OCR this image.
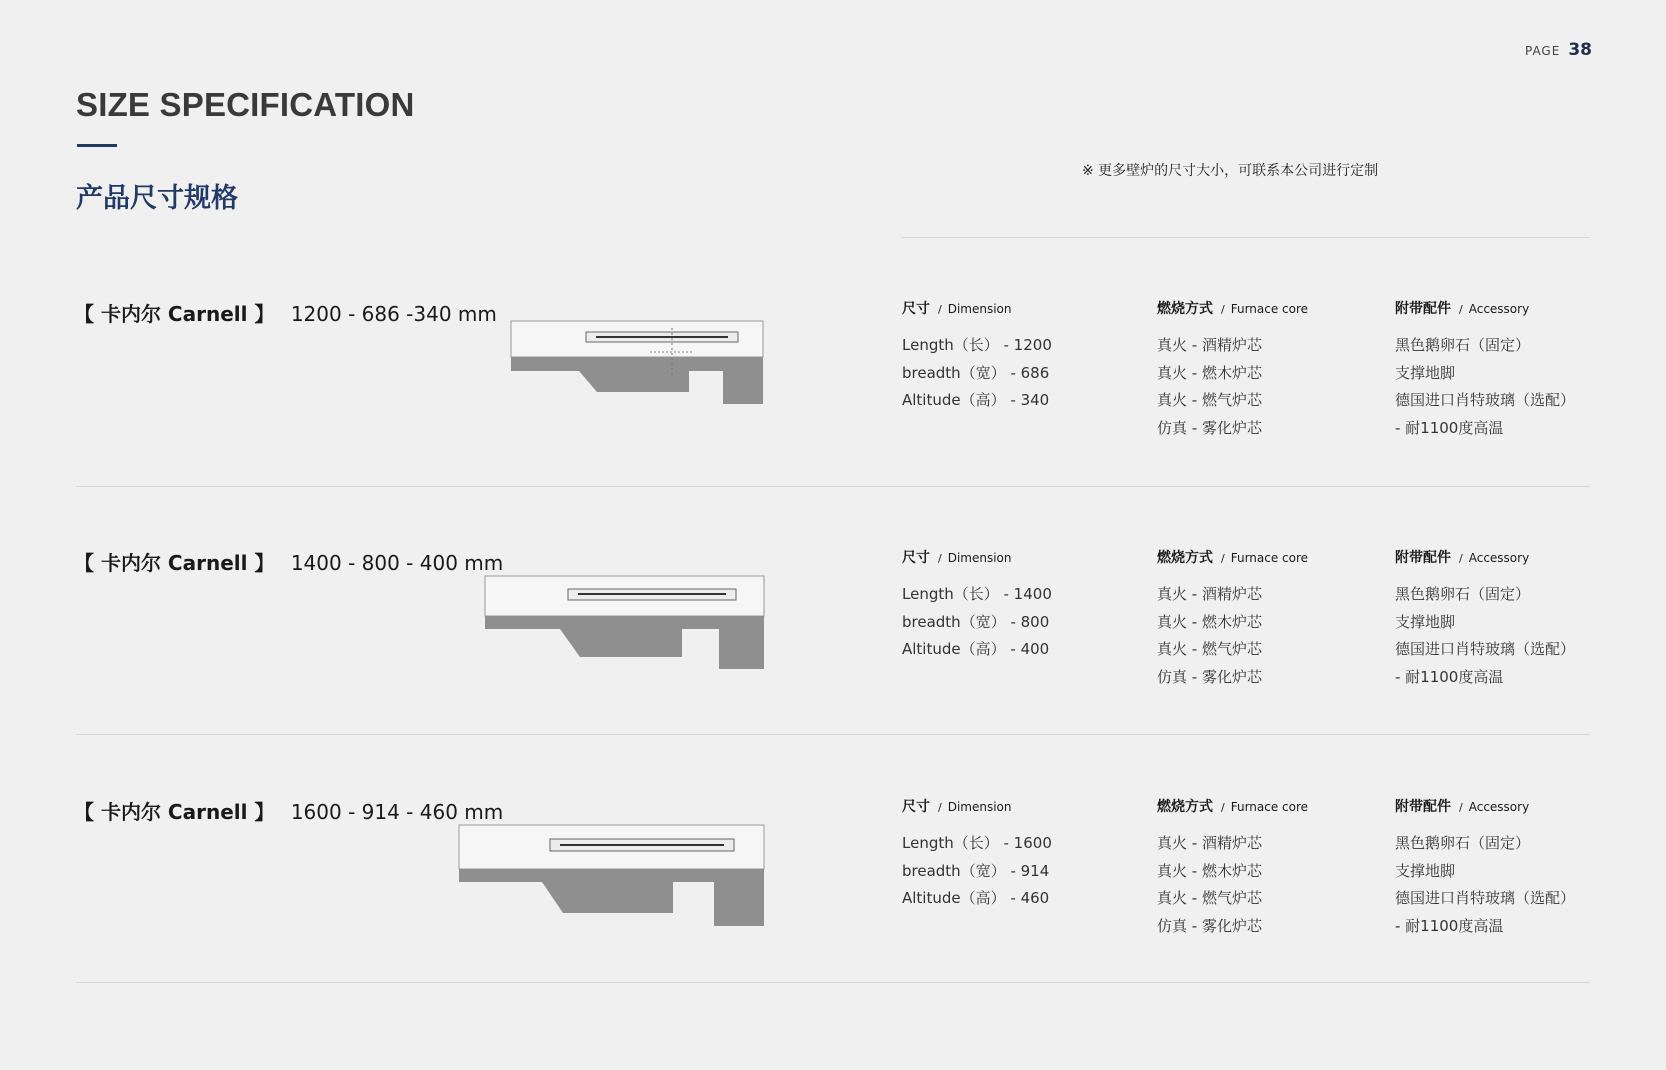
PAGE 38
SIZE SPECIFICATION
产品尺寸规格
※ 更多壁炉的尺寸大小，可联系本公司进行定制
【 卡内尔 Carnell 】 1200 - 686 -340 mm	尺寸 / Dimension
Length（长） - 1200
breadth（宽） - 686
Altitude（高） - 340
燃烧方式 / Furnace core
真火 - 酒精炉芯
真火 - 燃木炉芯
真火 - 燃气炉芯
仿真 - 雾化炉芯
附带配件 / Accessory
黑色鹅卵石（固定）
支撑地脚
德国进口肖特玻璃（选配）
- 耐1100度高温
【 卡内尔 Carnell 】 1400 - 800 - 400 mm	尺寸 / Dimension
Length（长） - 1400
breadth（宽） - 800
Altitude（高） - 400
燃烧方式 / Furnace core
真火 - 酒精炉芯
真火 - 燃木炉芯
真火 - 燃气炉芯
仿真 - 雾化炉芯
附带配件 / Accessory
黑色鹅卵石（固定）
支撑地脚
德国进口肖特玻璃（选配）
- 耐1100度高温
【 卡内尔 Carnell 】 1600 - 914 - 460 mm	尺寸 / Dimension
Length（长） - 1600
breadth（宽） - 914
Altitude（高） - 460
燃烧方式 / Furnace core
真火 - 酒精炉芯
真火 - 燃木炉芯
真火 - 燃气炉芯
仿真 - 雾化炉芯
附带配件 / Accessory
黑色鹅卵石（固定）
支撑地脚
德国进口肖特玻璃（选配）
- 耐1100度高温
